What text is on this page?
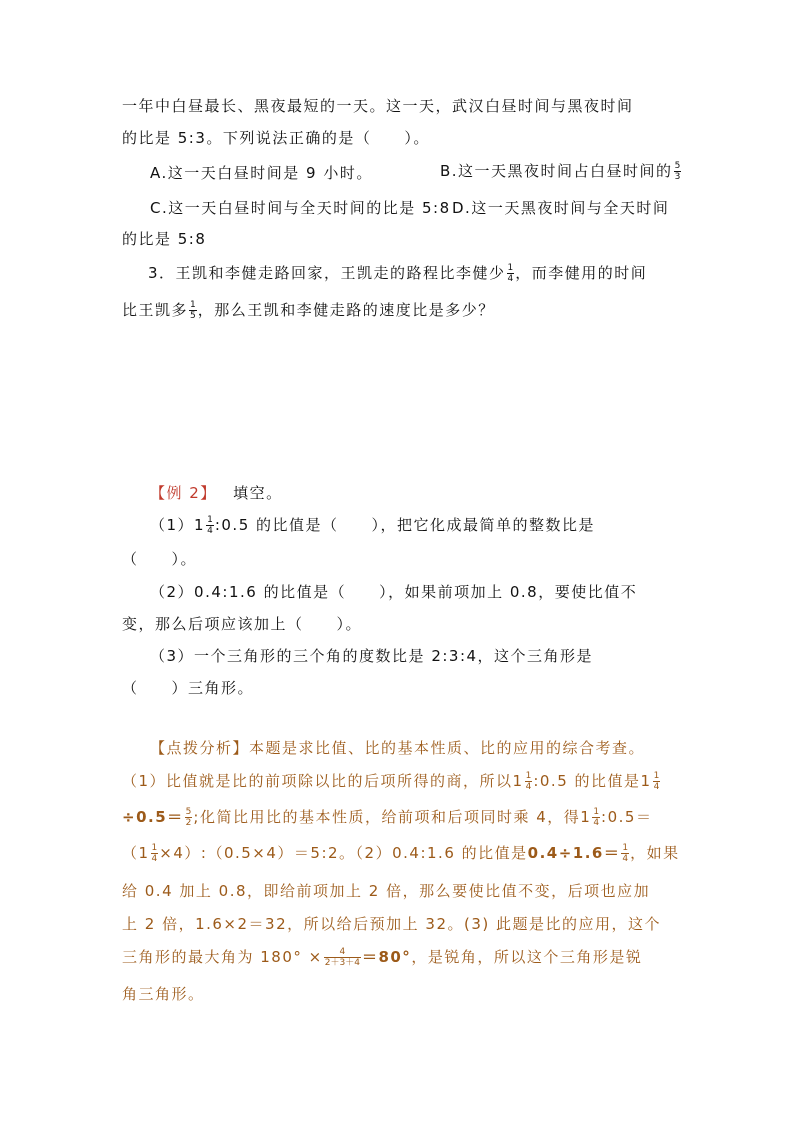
一年中白昼最长、黑夜最短的一天。这一天，武汉白昼时间与黑夜时间
的比是 5:3。下列说法正确的是（　　）。
A.这一天白昼时间是 9 小时。	B.这一天黑夜时间占白昼时间的 $\frac{5}{3}$
C.这一天白昼时间与全天时间的比是 5:8 D.这一天黑夜时间与全天时间
的比是 5:8
3．王凯和李健走路回家，王凯走的路程比李健少 $\frac{1}{4}$ ，而李健用的时间
比王凯多 $\frac{1}{5}$ ，那么王凯和李健走路的速度比是多少？
【例 2】 填空。
$(1)1 \frac{1}{4}$ :0.5 的比值是（　　），把它化成最简单的整数比是
（　　）。
（2）0.4:1.6 的比值是（　　），如果前项加上 0.8，要使比值不
变，那么后项应该加上（　　）。
（3）一个三角形的三个角的度数比是 2:3:4，这个三角形是
（　　）三角形。
【点拨分析】本题是求比值、比的基本性质、比的应用的综合考查。
（1）比值就是比的前项除以比的后项所得的商，所以$1 \frac{1}{4}$ :0.5 的比值是$1 \frac{1}{4}$
$\div 0.5= \frac{5}{2}$ ;化简比用比的基本性质，给前项和后项同时乘 4，得$1 \frac{1}{4}$ :0.5＝
（$1 \frac{1}{4}$ ×4）:（0.5×4）＝5:2。（2）0.4:1.6 的比值是$0.4\div 1.6= \frac{1}{4}$ ，如果
给 0.4 加上 0.8，即给前项加上 2 倍，那么要使比值不变，后项也应加
上 2 倍，1.6×2＝32，所以给后预加上 32。(3) 此题是比的应用，这个
三角形的最大角为 $180^\circ \times \frac{4}{2+3+4} =80^\circ$，是锐角，所以这个三角形是锐
角三角形。
